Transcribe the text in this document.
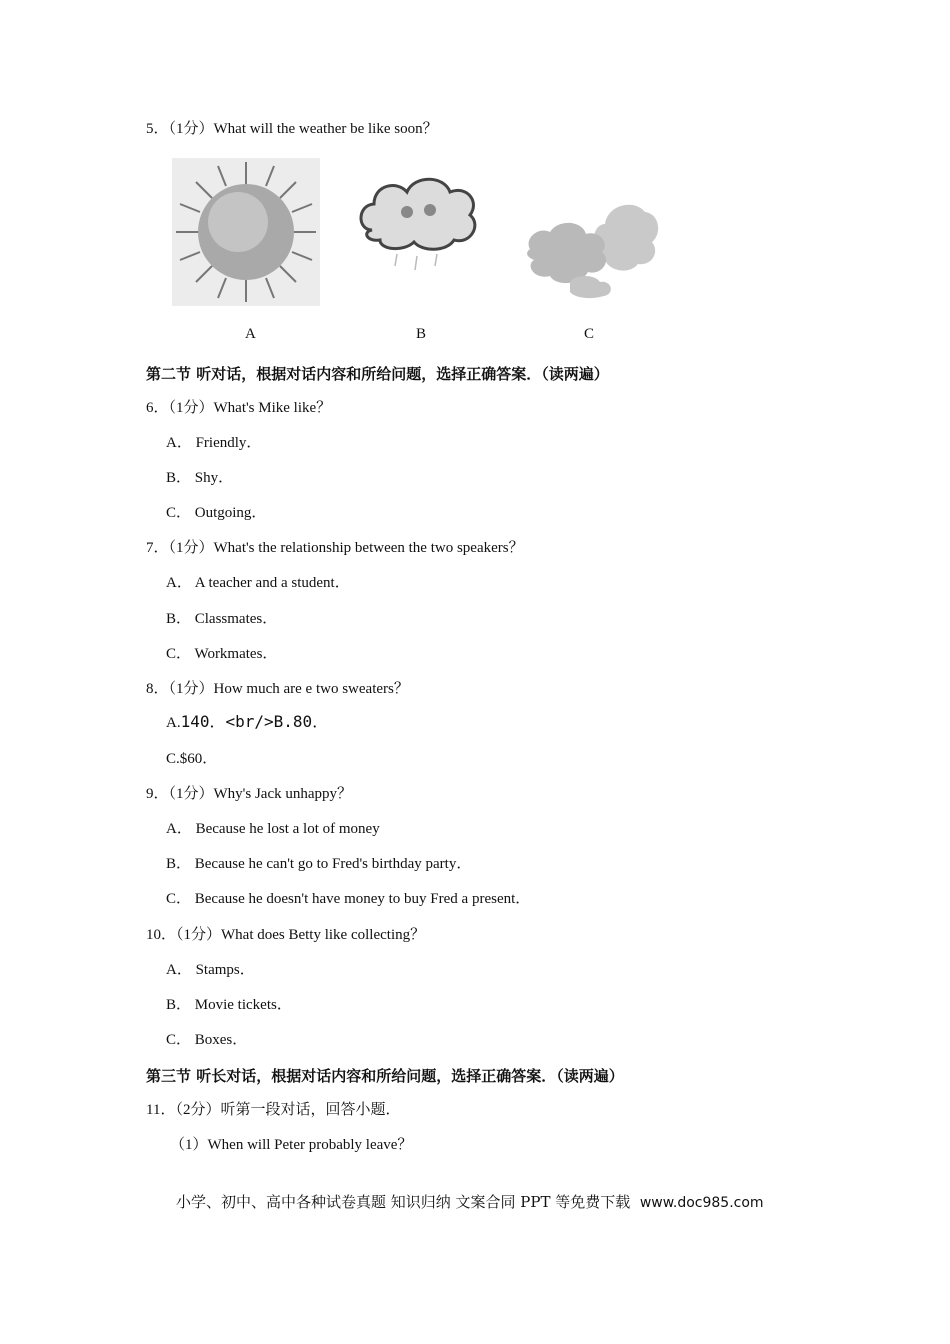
5．（1分）What will the weather be like soon？
A	B	C
第二节 听对话，根据对话内容和所给问题，选择正确答案．（读两遍）
6．（1分）What's Mike like？
A． Friendly．
B． Shy．
C． Outgoing．
7．（1分）What's the relationship between the two speakers？
A． A teacher and a student．
B． Classmates．
C． Workmates．
8．（1分）How much are e two sweaters？
A.140．<br/>B.80．
C.$60．
9．（1分）Why's Jack unhappy？
A． Because he lost a lot of money
B． Because he can't go to Fred's birthday party．
C． Because he doesn't have money to buy Fred a present．
10．（1分）What does Betty like collecting？
A． Stamps．
B． Movie tickets．
C． Boxes．
第三节 听长对话，根据对话内容和所给问题，选择正确答案．（读两遍）
11．（2分）听第一段对话，回答小题．
（1）When will Peter probably leave？
小学、初中、高中各种试卷真题 知识归纳 文案合同 PPT 等免费下载 www.doc985.com
